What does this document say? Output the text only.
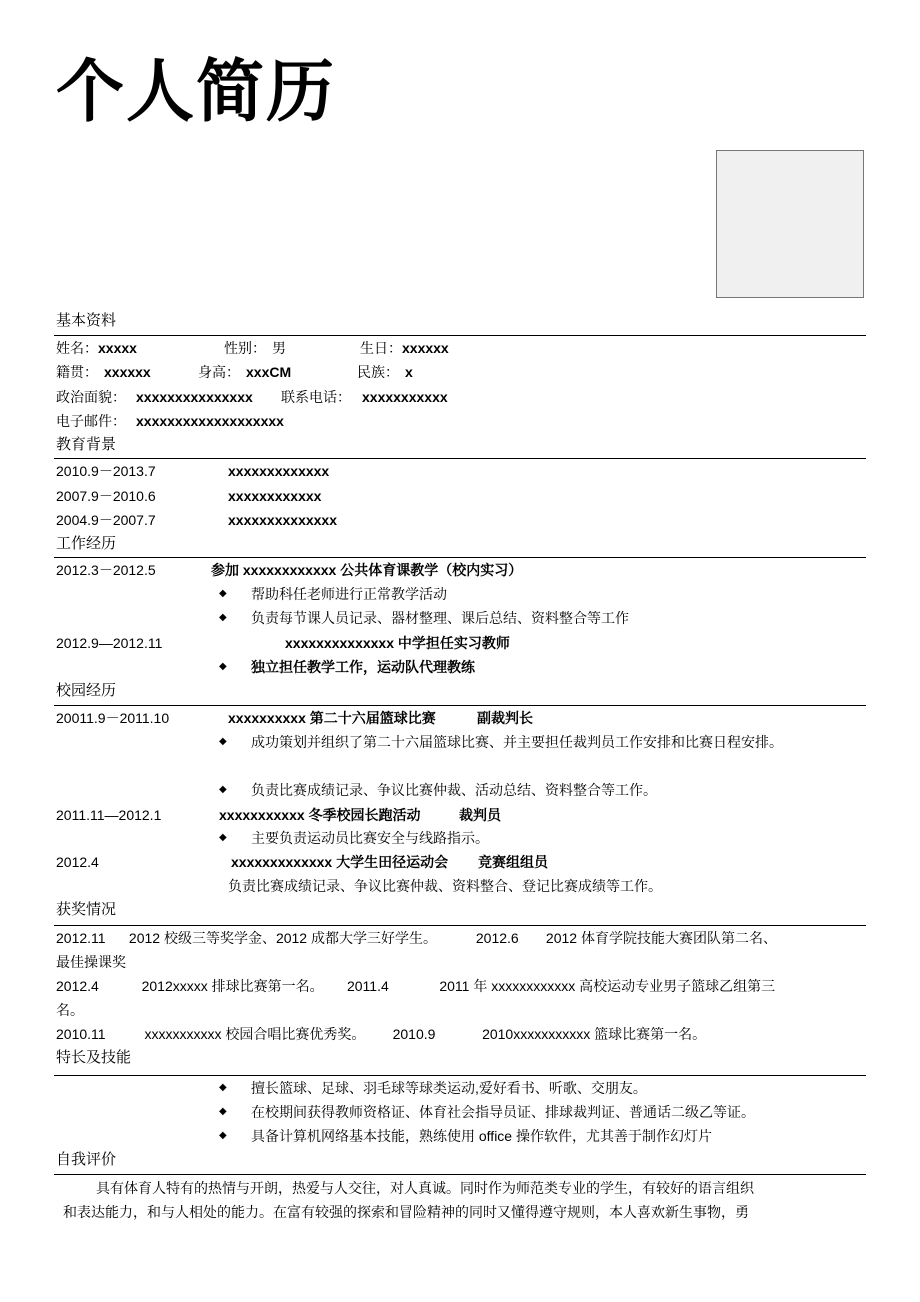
个人简历
基本资料
姓名： xxxxx	性别： 男	生日： xxxxxx
籍贯： xxxxxx	身高： xxxCM	民族： x
政治面貌： xxxxxxxxxxxxxxx 联系电话： xxxxxxxxxxx
电子邮件： xxxxxxxxxxxxxxxxxxx
教育背景
2010.9－2013.7	xxxxxxxxxxxxx
2007.9－2010.6	xxxxxxxxxxxx
2004.9－2007.7	xxxxxxxxxxxxxx
工作经历
2012.3－2012.5	参加 xxxxxxxxxxxx 公共体育课教学（校内实习）
◆ 帮助科任老师进行正常教学活动
◆ 负责每节课人员记录、器材整理、课后总结、资料整合等工作
2012.9—2012.11	xxxxxxxxxxxxxx 中学担任实习教师
◆ 独立担任教学工作，运动队代理教练
校园经历
20011.9－2011.10	xxxxxxxxxx 第二十六届篮球比赛	副裁判长
◆ 成功策划并组织了第二十六届篮球比赛、并主要担任裁判员工作安排和比赛日程安排。
◆ 负责比赛成绩记录、争议比赛仲裁、活动总结、资料整合等工作。
2011.11—2012.1	xxxxxxxxxxx 冬季校园长跑活动	裁判员
◆ 主要负责运动员比赛安全与线路指示。
2012.4	xxxxxxxxxxxxx 大学生田径运动会 竞赛组组员
负责比赛成绩记录、争议比赛仲裁、资料整合、登记比赛成绩等工作。
获奖情况
2012.11      2012 校级三等奖学金、2012 成都大学三好学生。          2012.6       2012 体育学院技能大赛团队第二名、
最佳操课奖
2012.4           2012xxxxx 排球比赛第一名。      2011.4             2011 年 xxxxxxxxxxxx 高校运动专业男子篮球乙组第三
名。
2010.11          xxxxxxxxxxx 校园合唱比赛优秀奖。       2010.9            2010xxxxxxxxxxx 篮球比赛第一名。
特长及技能
◆ 擅长篮球、足球、羽毛球等球类运动,爱好看书、听歌、交朋友。
◆ 在校期间获得教师资格证、体育社会指导员证、排球裁判证、普通话二级乙等证。
◆ 具备计算机网络基本技能，熟练使用 office 操作软件，尤其善于制作幻灯片
自我评价
具有体育人特有的热情与开朗，热爱与人交往，对人真诚。同时作为师范类专业的学生，有较好的语言组织
和表达能力，和与人相处的能力。在富有较强的探索和冒险精神的同时又懂得遵守规则，本人喜欢新生事物，勇
